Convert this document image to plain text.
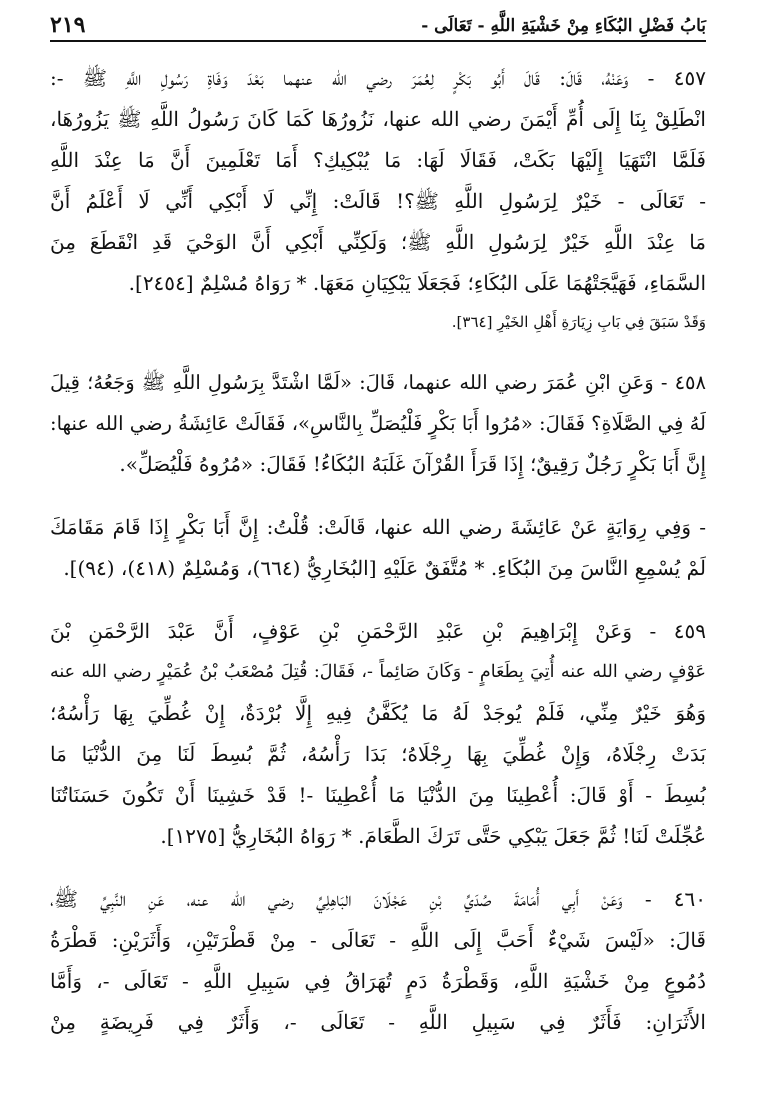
بَابُ فَضْلِ البُكَاءِ مِنْ خَشْيَةِ اللَّهِ - تَعَالَى -
٢١٩
٤٥٧ - وَعَنْهُ، قَالَ: قَالَ أَبُو بَكْرٍ لِعُمَرَ رضي الله عنهما بَعْدَ وَفَاةِ رَسُولِ اللَّهِ ﷺ -:
انْطَلِقْ بِنَا إِلَى أُمِّ أَيْمَنَ رضي الله عنها، نَزُورُهَا كَمَا كَانَ رَسُولُ اللَّهِ ﷺ يَزُورُهَا،
فَلَمَّا انْتَهَيَا إِلَيْهَا بَكَتْ، فَقَالَا لَهَا: مَا يُبْكِيكِ؟ أَمَا تَعْلَمِينَ أَنَّ مَا عِنْدَ اللَّهِ
- تَعَالَى - خَيْرٌ لِرَسُولِ اللَّهِ ﷺ؟! قَالَتْ: إِنِّي لَا أَبْكِي أَنِّي لَا أَعْلَمُ أَنَّ
مَا عِنْدَ اللَّهِ خَيْرٌ لِرَسُولِ اللَّهِ ﷺ؛ وَلَكِنِّي أَبْكِي أَنَّ الوَحْيَ قَدِ انْقَطَعَ مِنَ
السَّمَاءِ، فَهَيَّجَتْهُمَا عَلَى البُكَاءِ؛ فَجَعَلَا يَبْكِيَانِ مَعَهَا. * رَوَاهُ مُسْلِمٌ [٢٤٥٤].
وَقَدْ سَبَقَ فِي بَابِ زِيَارَةِ أَهْلِ الخَيْرِ [٣٦٤].
٤٥٨ - وَعَنِ ابْنِ عُمَرَ رضي الله عنهما، قَالَ: «لَمَّا اشْتَدَّ بِرَسُولِ اللَّهِ ﷺ وَجَعُهُ؛ قِيلَ
لَهُ فِي الصَّلَاةِ؟ فَقَالَ: «مُرُوا أَبَا بَكْرٍ فَلْيُصَلِّ بِالنَّاسِ»، فَقَالَتْ عَائِشَةُ رضي الله عنها:
إِنَّ أَبَا بَكْرٍ رَجُلٌ رَقِيقٌ؛ إِذَا قَرَأَ القُرْآنَ غَلَبَهُ البُكَاءُ! فَقَالَ: «مُرُوهُ فَلْيُصَلِّ».
- وَفِي رِوَايَةٍ عَنْ عَائِشَةَ رضي الله عنها، قَالَتْ: قُلْتُ: إِنَّ أَبَا بَكْرٍ إِذَا قَامَ مَقَامَكَ
لَمْ يُسْمِعِ النَّاسَ مِنَ البُكَاءِ. * مُتَّفَقٌ عَلَيْهِ [البُخَارِيُّ (٦٦٤)، وَمُسْلِمٌ (٤١٨)، (٩٤)].
٤٥٩ - وَعَنْ إِبْرَاهِيمَ بْنِ عَبْدِ الرَّحْمَنِ بْنِ عَوْفٍ، أَنَّ عَبْدَ الرَّحْمَنِ بْنَ
عَوْفٍ رضي الله عنه أُتِيَ بِطَعَامٍ - وَكَانَ صَائِماً -، فَقَالَ: قُتِلَ مُصْعَبُ بْنُ عُمَيْرٍ رضي الله عنه
وَهُوَ خَيْرٌ مِنِّي، فَلَمْ يُوجَدْ لَهُ مَا يُكَفَّنُ فِيهِ إِلَّا بُرْدَةٌ، إِنْ غُطِّيَ بِهَا رَأْسُهُ؛
بَدَتْ رِجْلَاهُ، وَإِنْ غُطِّيَ بِهَا رِجْلَاهُ؛ بَدَا رَأْسُهُ، ثُمَّ بُسِطَ لَنَا مِنَ الدُّنْيَا مَا
بُسِطَ - أَوْ قَالَ: أُعْطِينَا مِنَ الدُّنْيَا مَا أُعْطِينَا -! قَدْ خَشِينَا أَنْ تَكُونَ حَسَنَاتُنَا
عُجِّلَتْ لَنَا! ثُمَّ جَعَلَ يَبْكِي حَتَّى تَرَكَ الطَّعَامَ. * رَوَاهُ البُخَارِيُّ [١٢٧٥].
٤٦٠ - وَعَنْ أَبِي أُمَامَةَ صُدَيِّ بْنِ عَجْلَانَ البَاهِلِيِّ رضي الله عنه، عَنِ النَّبِيِّ ﷺ،
قَالَ: «لَيْسَ شَيْءٌ أَحَبَّ إِلَى اللَّهِ - تَعَالَى - مِنْ قَطْرَتَيْنِ، وَأَثَرَيْنِ: قَطْرَةُ
دُمُوعٍ مِنْ خَشْيَةِ اللَّهِ، وَقَطْرَةُ دَمٍ تُهَرَاقُ فِي سَبِيلِ اللَّهِ - تَعَالَى -، وَأَمَّا
الأَثَرَانِ: فَأَثَرٌ فِي سَبِيلِ اللَّهِ - تَعَالَى -، وَأَثَرٌ فِي فَرِيضَةٍ مِنْ
